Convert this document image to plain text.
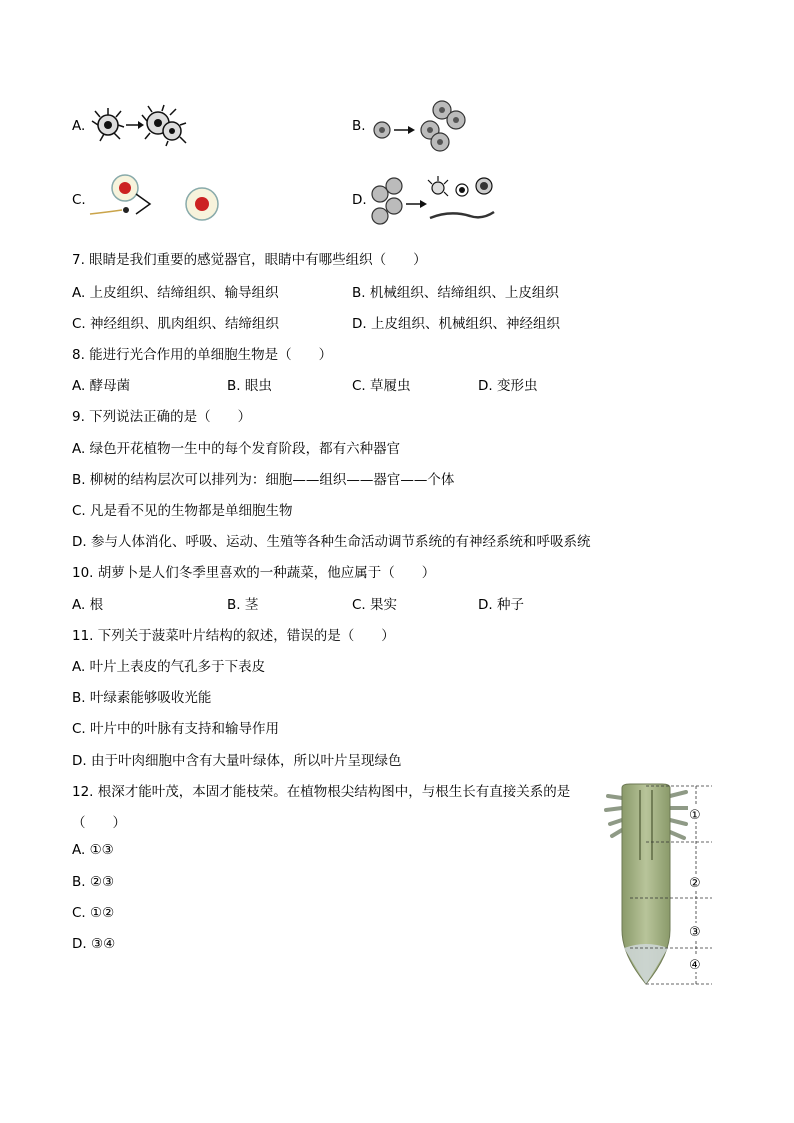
A.	B.
C.	D.
7. 眼睛是我们重要的感觉器官，眼睛中有哪些组织（　　）
A. 上皮组织、结缔组织、输导组织	B. 机械组织、结缔组织、上皮组织
C. 神经组织、肌肉组织、结缔组织	D. 上皮组织、机械组织、神经组织
8. 能进行光合作用的单细胞生物是（　　）
A. 酵母菌	B. 眼虫	C. 草履虫	D. 变形虫
9. 下列说法正确的是（　　）
A. 绿色开花植物一生中的每个发育阶段，都有六种器官
B. 柳树的结构层次可以排列为：细胞——组织——器官——个体
C. 凡是看不见的生物都是单细胞生物
D. 参与人体消化、呼吸、运动、生殖等各种生命活动调节系统的有神经系统和呼吸系统
10. 胡萝卜是人们冬季里喜欢的一种蔬菜，他应属于（　　）
A. 根	B. 茎	C. 果实	D. 种子
11. 下列关于菠菜叶片结构的叙述，错误的是（　　）
A. 叶片上表皮的气孔多于下表皮
B. 叶绿素能够吸收光能
C. 叶片中的叶脉有支持和输导作用
D. 由于叶肉细胞中含有大量叶绿体，所以叶片呈现绿色
12. 根深才能叶茂，本固才能枝荣。在植物根尖结构图中，与根生长有直接关系的是
（　　）
A. ①③
B. ②③
C. ①②
D. ③④
①
②
③
④
